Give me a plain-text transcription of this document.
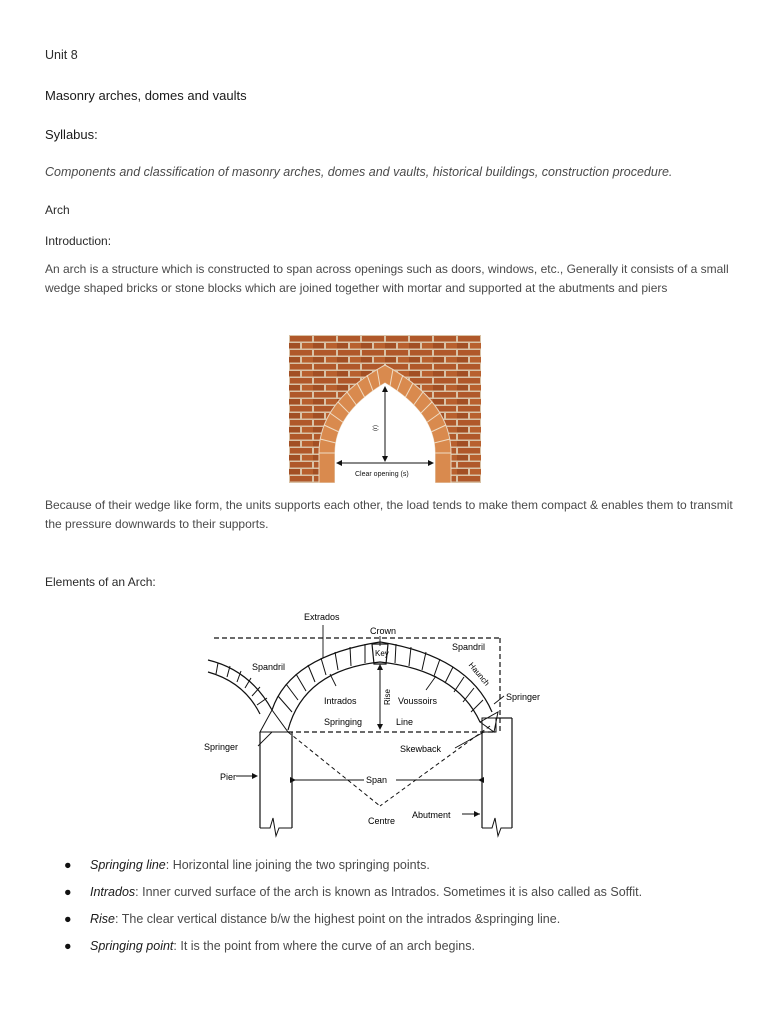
Unit 8

Masonry arches, domes and vaults

Syllabus:

Components and classification of masonry arches, domes and vaults, historical buildings, construction procedure.

Arch

Introduction:

An arch is a structure which is constructed to span across openings such as doors, windows, etc., Generally it consists of a small wedge shaped bricks or stone blocks which are joined together with mortar and supported at the abutments and piers

(r)
Clear opening (s)

Because of their wedge like form, the units supports each other, the load tends to make them compact & enables them to transmit the pressure downwards to their supports.

Elements of an Arch:

Extrados
Crown
Key
Spandril
Spandril
Haunch
Springer
Intrados	Rise Voussoirs
Springing	Line
Springer	Skewback
Pier	Span
Abutment
Centre
● Springing line: Horizontal line joining the two springing points.
● Intrados: Inner curved surface of the arch is known as Intrados. Sometimes it is also called as Soffit.
● Rise: The clear vertical distance b/w the highest point on the intrados &springing line.
● Springing point: It is the point from where the curve of an arch begins.
